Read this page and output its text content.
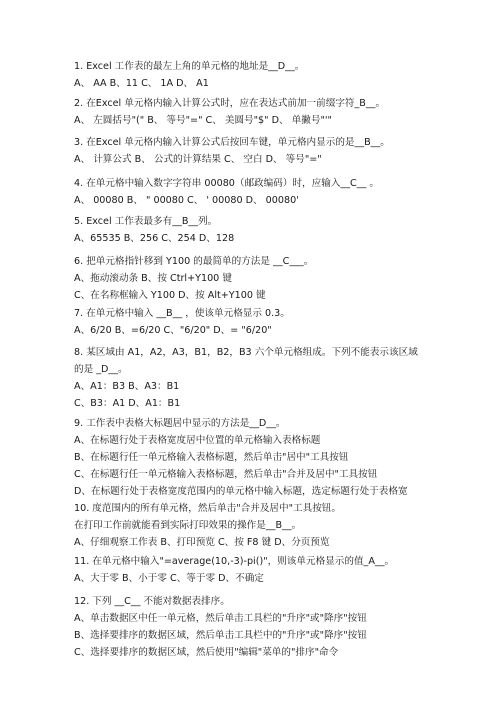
1. Excel 工作表的最左上角的单元格的地址是__D__。
A、 AA B、11 C、 1A D、 A1
2. 在Excel 单元格内输入计算公式时，应在表达式前加一前缀字符_B__。
A、 左圆括号"(" B、 等号"=" C、 美圆号"$" D、 单撇号"'"
3. 在Excel 单元格内输入计算公式后按回车键，单元格内显示的是__B__。
A、 计算公式 B、 公式的计算结果 C、 空白 D、 等号"="
4. 在单元格中输入数字字符串 00080（邮政编码）时，应输入__C__ 。
A、 00080 B、 " 00080 C、 ' 00080 D、 00080'
5. Excel 工作表最多有__B__列。
A、65535 B、256 C、254 D、128
6. 把单元格指针移到 Y100 的最简单的方法是 __C___。
A、拖动滚动条 B、按 Ctrl+Y100 键
C、在名称框输入 Y100 D、按 Alt+Y100 键
7. 在单元格中输入 __B__ ，使该单元格显示 0.3。
A、6/20 B、=6/20 C、"6/20" D、= "6/20"
8. 某区域由 A1，A2，A3，B1，B2，B3 六个单元格组成。下列不能表示该区域
的是 _D__。
A、A1：B3 B、A3：B1
C、B3：A1 D、A1：B1
9. 工作表中表格大标题居中显示的方法是__D__。
A、在标题行处于表格宽度居中位置的单元格输入表格标题
B、在标题行任一单元格输入表格标题，然后单击"居中"工具按钮
C、在标题行任一单元格输入表格标题，然后单击"合并及居中"工具按钮
D、在标题行处于表格宽度范围内的单元格中输入标题，选定标题行处于表格宽
10. 度范围内的所有单元格，然后单击"合并及居中"工具按钮。
在打印工作前就能看到实际打印效果的操作是__B__。
A、仔细观察工作表 B、打印预览 C、按 F8 键 D、分页预览
11. 在单元格中输入"=average(10,-3)-pi()"，则该单元格显示的值_A__。
A、大于零 B、小于零 C、等于零 D、不确定
12. 下列 __C__ 不能对数据表排序。
A、单击数据区中任一单元格，然后单击工具栏的"升序"或"降序"按钮
B、选择要排序的数据区域，然后单击工具栏中的"升序"或"降序"按钮
C、选择要排序的数据区域，然后使用"编辑"菜单的"排序"命令
